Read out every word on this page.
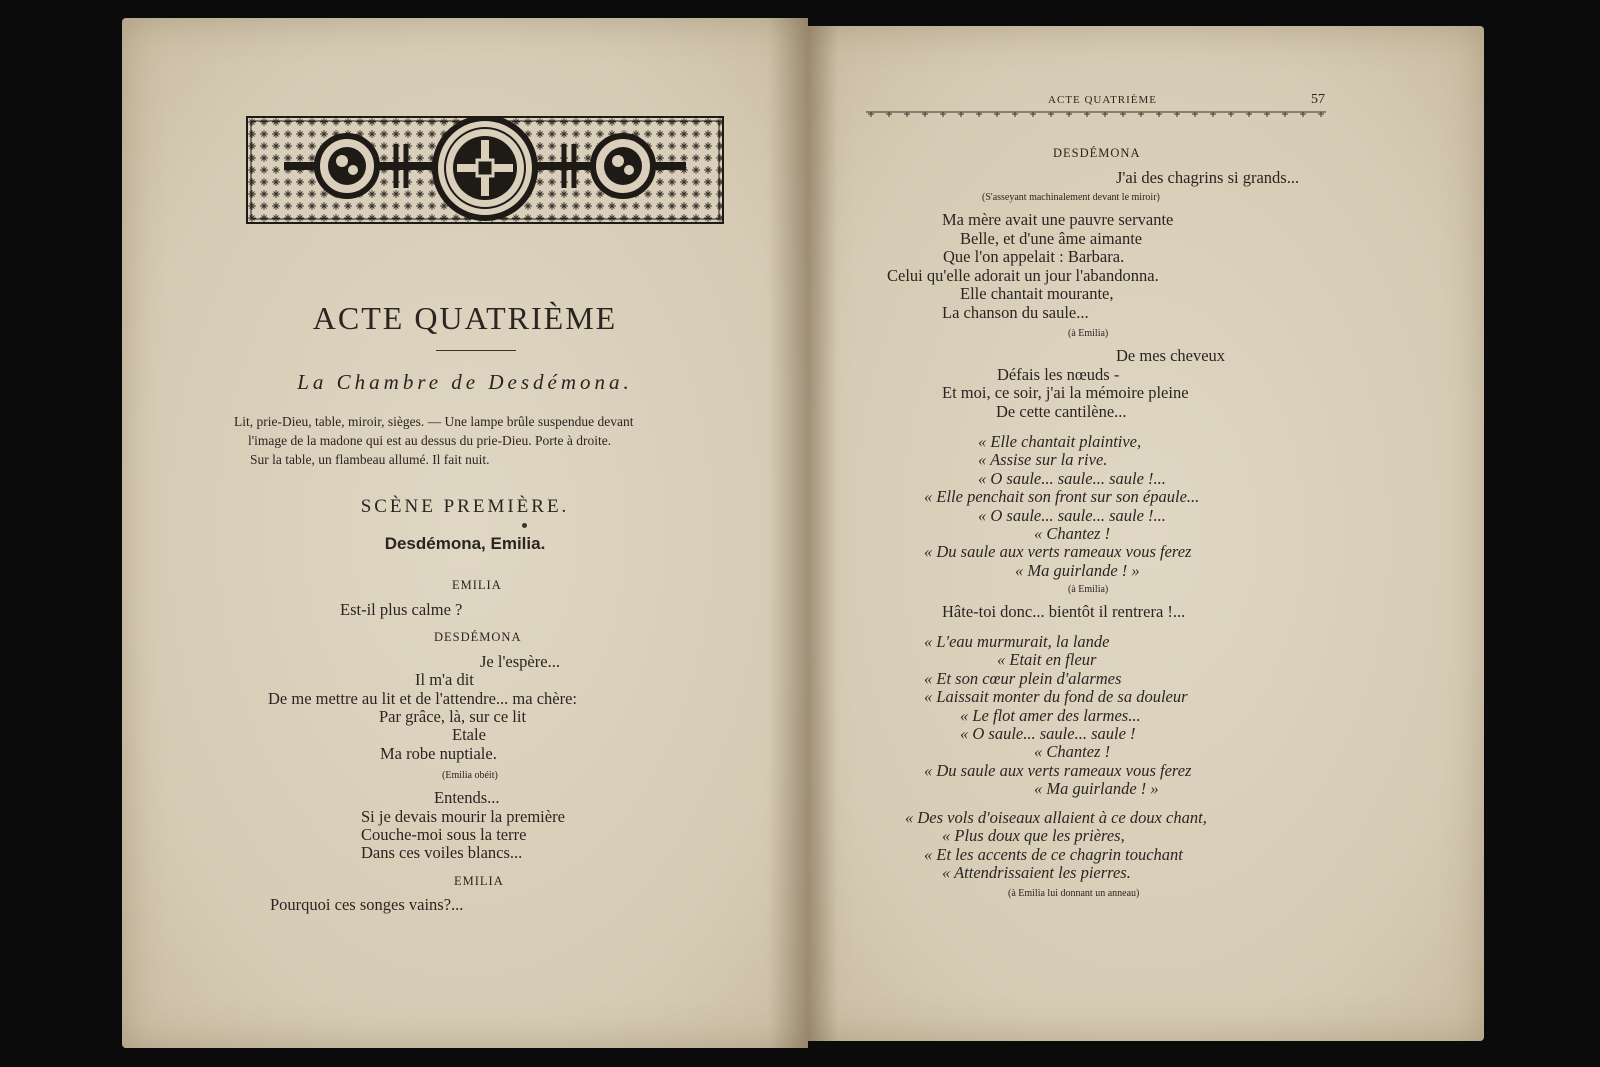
ACTE QUATRIÈME
La Chambre de Desdémona.
Lit, prie-Dieu, table, miroir, sièges. — Une lampe brûle suspendue devant
l'image de la madone qui est au dessus du prie-Dieu. Porte à droite.
Sur la table, un flambeau allumé. Il fait nuit.
SCÈNE PREMIÈRE.
Desdémona, Emilia.
EMILIA
Est-il plus calme ?
DESDÉMONA
Je l'espère...
Il m'a dit
De me mettre au lit et de l'attendre... ma chère:
Par grâce, là, sur ce lit
Etale
Ma robe nuptiale.
(Emilia obéit)
Entends...
Si je devais mourir la première
Couche-moi sous la terre
Dans ces voiles blancs...
EMILIA
Pourquoi ces songes vains?...
ACTE QUATRIÈME	57
DESDÉMONA
J'ai des chagrins si grands...
(S'asseyant machinalement devant le miroir)
Ma mère avait une pauvre servante
Belle, et d'une âme aimante
Que l'on appelait : Barbara.
Celui qu'elle adorait un jour l'abandonna.
Elle chantait mourante,
La chanson du saule...
(à Emilia)
De mes cheveux
Défais les nœuds -
Et moi, ce soir, j'ai la mémoire pleine
De cette cantilène...
« Elle chantait plaintive,
« Assise sur la rive.
« O saule... saule... saule !...
« Elle penchait son front sur son épaule...
« O saule... saule... saule !...
« Chantez !
« Du saule aux verts rameaux vous ferez
« Ma guirlande ! »
(à Emilia)
Hâte-toi donc... bientôt il rentrera !...
« L'eau murmurait, la lande
« Etait en fleur
« Et son cœur plein d'alarmes
« Laissait monter du fond de sa douleur
« Le flot amer des larmes...
« O saule... saule... saule !
« Chantez !
« Du saule aux verts rameaux vous ferez
« Ma guirlande ! »
« Des vols d'oiseaux allaient à ce doux chant,
« Plus doux que les prières,
« Et les accents de ce chagrin touchant
« Attendrissaient les pierres.
(à Emilia lui donnant un anneau)
